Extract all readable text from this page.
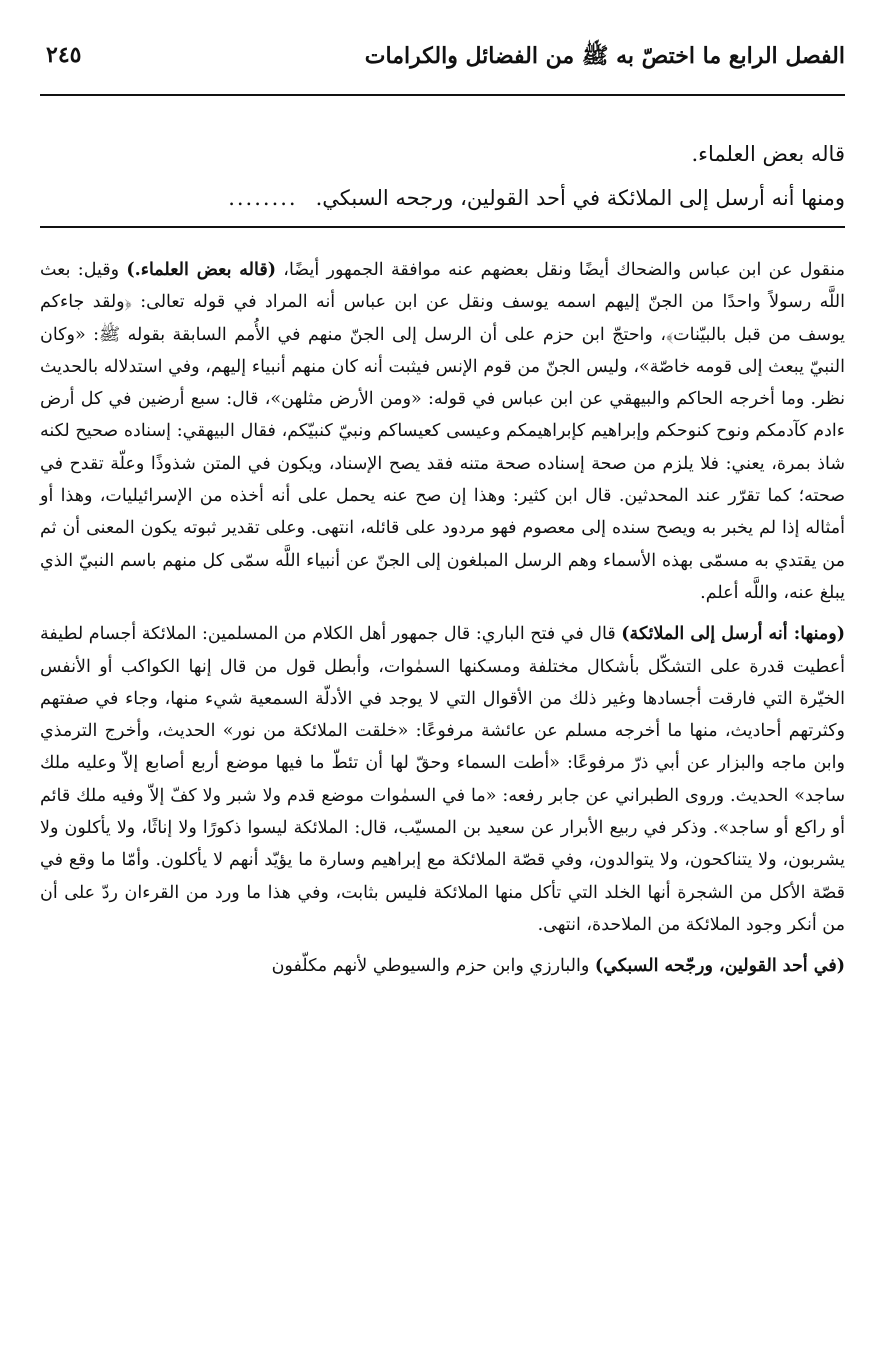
الفصل الرابع ما اختصّ به ﷺ من الفضائل والكرامات
٢٤٥

قاله بعض العلماء.

ومنها أنه أرسل إلى الملائكة في أحد القولين، ورجحه السبكي.........

منقول عن ابن عباس والضحاك أيضًا ونقل بعضهم عنه موافقة الجمهور أيضًا، (قاله بعض العلماء.) وقيل: بعث اللَّه رسولاً واحدًا من الجنّ إليهم اسمه يوسف ونقل عن ابن عباس أنه المراد في قوله تعالى: ﴿ولقد جاءكم يوسف من قبل بالبيّنات﴾، واحتجّ ابن حزم على أن الرسل إلى الجنّ منهم في الأُمم السابقة بقوله ﷺ: «وكان النبيّ يبعث إلى قومه خاصّة»، وليس الجنّ من قوم الإنس فيثبت أنه كان منهم أنبياء إليهم، وفي استدلاله بالحديث نظر. وما أخرجه الحاكم والبيهقي عن ابن عباس في قوله: «ومن الأرض مثلهن»، قال: سبع أرضين في كل أرض ءادم كآدمكم ونوح كنوحكم وإبراهيم كإبراهيمكم وعيسى كعيساكم ونبيّ كنبيّكم، فقال البيهقي: إسناده صحيح لكنه شاذ بمرة، يعني: فلا يلزم من صحة إسناده صحة متنه فقد يصح الإسناد، ويكون في المتن شذوذًا وعلّة تقدح في صحته؛ كما تقرّر عند المحدثين. قال ابن كثير: وهذا إن صح عنه يحمل على أنه أخذه من الإسرائيليات، وهذا أو أمثاله إذا لم يخبر به ويصح سنده إلى معصوم فهو مردود على قائله، انتهى. وعلى تقدير ثبوته يكون المعنى أن ثم من يقتدي به مسمّى بهذه الأسماء وهم الرسل المبلغون إلى الجنّ عن أنبياء اللَّه سمّى كل منهم باسم النبيّ الذي يبلغ عنه، واللَّه أعلم.

(ومنها: أنه أرسل إلى الملائكة) قال في فتح الباري: قال جمهور أهل الكلام من المسلمين: الملائكة أجسام لطيفة أعطيت قدرة على التشكّل بأشكال مختلفة ومسكنها السمٰوات، وأبطل قول من قال إنها الكواكب أو الأنفس الخيّرة التي فارقت أجسادها وغير ذلك من الأقوال التي لا يوجد في الأدلّة السمعية شيء منها، وجاء في صفتهم وكثرتهم أحاديث، منها ما أخرجه مسلم عن عائشة مرفوعًا: «خلقت الملائكة من نور» الحديث، وأخرج الترمذي وابن ماجه والبزار عن أبي ذرّ مرفوعًا: «أطت السماء وحقّ لها أن تئطّ ما فيها موضع أربع أصابع إلاّ وعليه ملك ساجد» الحديث. وروى الطبراني عن جابر رفعه: «ما في السمٰوات موضع قدم ولا شبر ولا كفّ إلاّ وفيه ملك قائم أو راكع أو ساجد». وذكر في ربيع الأبرار عن سعيد بن المسيّب، قال: الملائكة ليسوا ذكورًا ولا إناثًا، ولا يأكلون ولا يشربون، ولا يتناكحون، ولا يتوالدون، وفي قصّة الملائكة مع إبراهيم وسارة ما يؤيّد أنهم لا يأكلون. وأمّا ما وقع في قصّة الأكل من الشجرة أنها الخلد التي تأكل منها الملائكة فليس بثابت، وفي هذا ما ورد من القرءان ردّ على أن من أنكر وجود الملائكة من الملاحدة، انتهى.

(في أحد القولين، ورجّحه السبكي) والبارزي وابن حزم والسيوطي لأنهم مكلّفون
